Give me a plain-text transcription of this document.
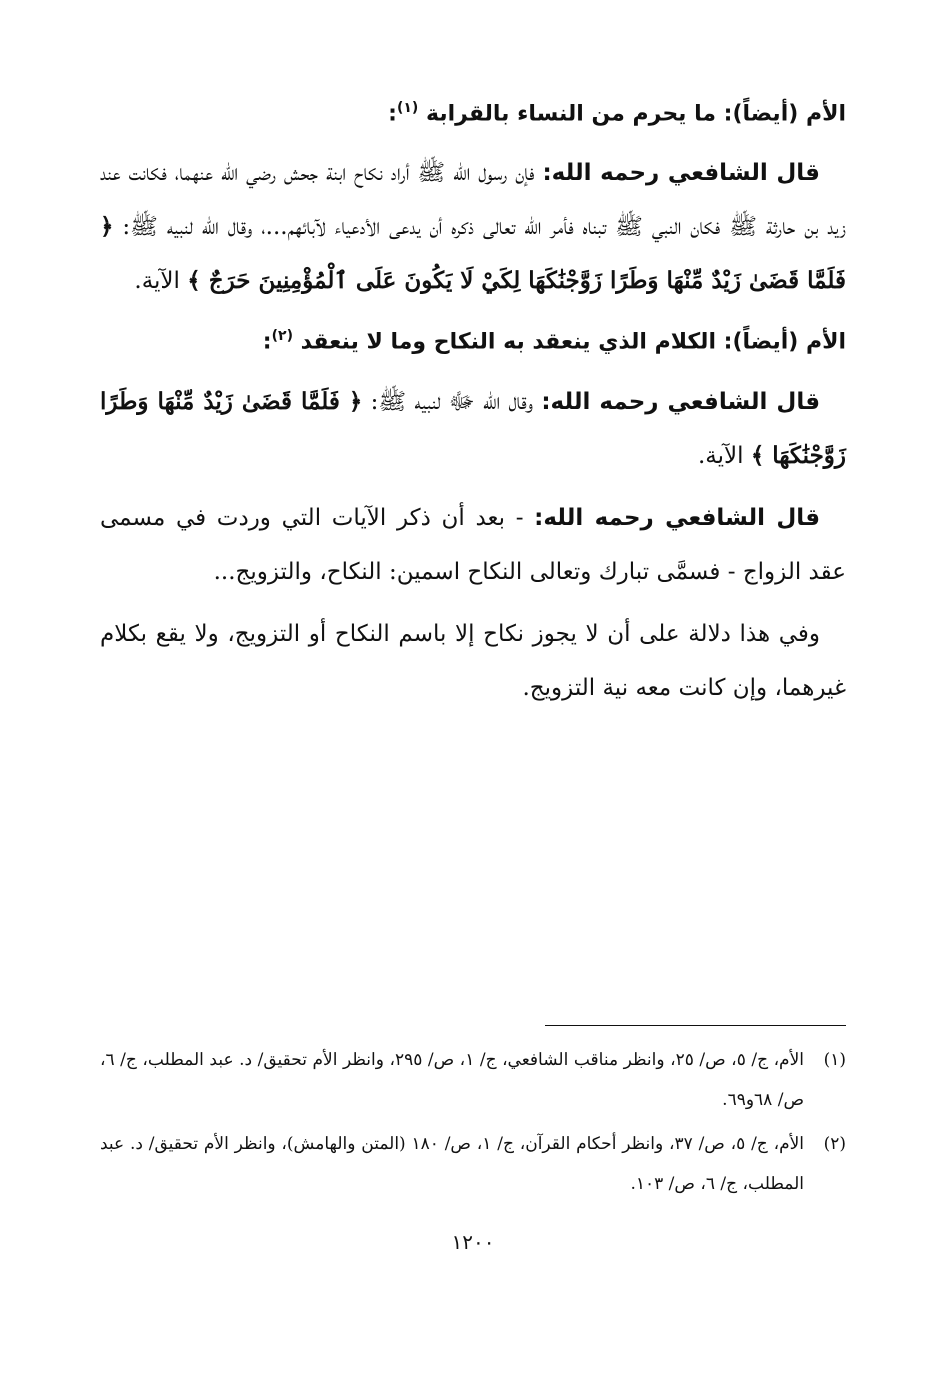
الأم (أيضاً): ما يحرم من النساء بالقرابة $^{(١)}$:

قال الشافعي رحمه الله: فإن رسول الله ﷺ أراد نكاح ابنة جحش رضي الله عنهما، فكانت عند زيد بن حارثة ﷺ فكان النبي ﷺ تبناه فأمر الله تعالى ذكره أن يدعى الأدعياء لآبائهم...، وقال الله لنبيه ﷺ: ﴿ فَلَمَّا قَضَىٰ زَيْدٌ مِّنْهَا وَطَرًا زَوَّجْنَٰكَهَا لِكَيْ لَا يَكُونَ عَلَى ٱلْمُؤْمِنِينَ حَرَجٌ ﴾ الآية.

الأم (أيضاً): الكلام الذي ينعقد به النكاح وما لا ينعقد $^{(٢)}$:

قال الشافعي رحمه الله: وقال الله ﷻ لنبيه ﷺ: ﴿ فَلَمَّا قَضَىٰ زَيْدٌ مِّنْهَا وَطَرًا زَوَّجْنَٰكَهَا ﴾ الآية.

قال الشافعي رحمه الله: - بعد أن ذكر الآيات التي وردت في مسمى عقد الزواج - فسمَّى تبارك وتعالى النكاح اسمين: النكاح، والتزويج...

وفي هذا دلالة على أن لا يجوز نكاح إلا باسم النكاح أو التزويج، ولا يقع بكلام غيرهما، وإن كانت معه نية التزويج.

(١)
الأم، ج/ ٥، ص/ ٢٥، وانظر مناقب الشافعي، ج/ ١، ص/ ٢٩٥، وانظر الأم تحقيق/ د. عبد المطلب، ج/ ٦، ص/ ٦٨و٦٩.
(٢)
الأم، ج/ ٥، ص/ ٣٧، وانظر أحكام القرآن، ج/ ١، ص/ ١٨٠ (المتن والهامش)، وانظر الأم تحقيق/ د. عبد المطلب، ج/ ٦، ص/ ١٠٣.
١٢٠٠
